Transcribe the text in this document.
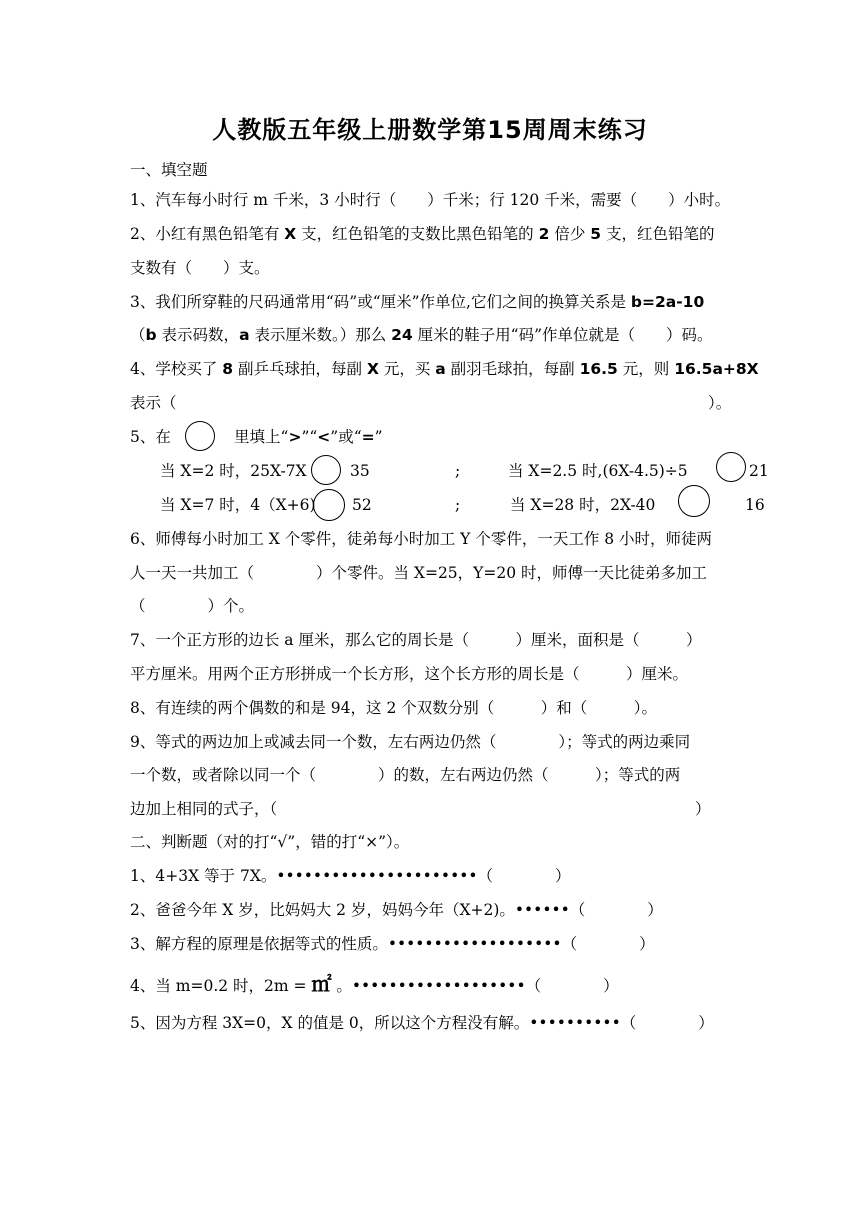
人教版五年级上册数学第15周周末练习
一、填空题
1、汽车每小时行 m 千米，3 小时行（　　）千米；行 120 千米，需要（　　）小时。
2、小红有黑色铅笔有 X 支，红色铅笔的支数比黑色铅笔的 2 倍少 5 支，红色铅笔的
支数有（　　）支。
3、我们所穿鞋的尺码通常用“码”或“厘米”作单位,它们之间的换算关系是 b=2a-10
（b 表示码数，a 表示厘米数。）那么 24 厘米的鞋子用“码”作单位就是（　　）码。
4、学校买了 8 副乒乓球拍，每副 X 元，买 a 副羽毛球拍，每副 16.5 元，则 16.5a+8X
表示（	）。
5、在	里填上“>”“<”或“=”
当 X=2 时，25X-7X	35	;	当 X=2.5 时,(6X-4.5)÷5	21
当 X=7 时，4（X+6) 52	;	当 X=28 时，2X-40	16
6、师傅每小时加工 X 个零件，徒弟每小时加工 Y 个零件，一天工作 8 小时，师徒两
人一天一共加工（　　　　）个零件。当 X=25，Y=20 时，师傅一天比徒弟多加工
（　　　　）个。
7、一个正方形的边长 a 厘米，那么它的周长是（　　　）厘米，面积是（　　　）
平方厘米。用两个正方形拼成一个长方形，这个长方形的周长是（　　　）厘米。
8、有连续的两个偶数的和是 94，这 2 个双数分别（　　　）和（　　　）。
9、等式的两边加上或减去同一个数，左右两边仍然（　　　　）；等式的两边乘同
一个数，或者除以同一个（　　　　）的数，左右两边仍然（　　　）；等式的两
边加上相同的式子，（	）
二、判断题（对的打“√”，错的打“×”）。
1、4+3X 等于 7X。••••••••••••••••••••••（　　　　）
2、爸爸今年 X 岁，比妈妈大 2 岁，妈妈今年（X+2)。••••••（　　　　）
3、解方程的原理是依据等式的性质。•••••••••••••••••••（　　　　）
4、当 m=0.2 时，2m = ㎡ 。•••••••••••••••••••（　　　　）
5、因为方程 3X=0，X 的值是 0，所以这个方程没有解。••••••••••（　　　　）
